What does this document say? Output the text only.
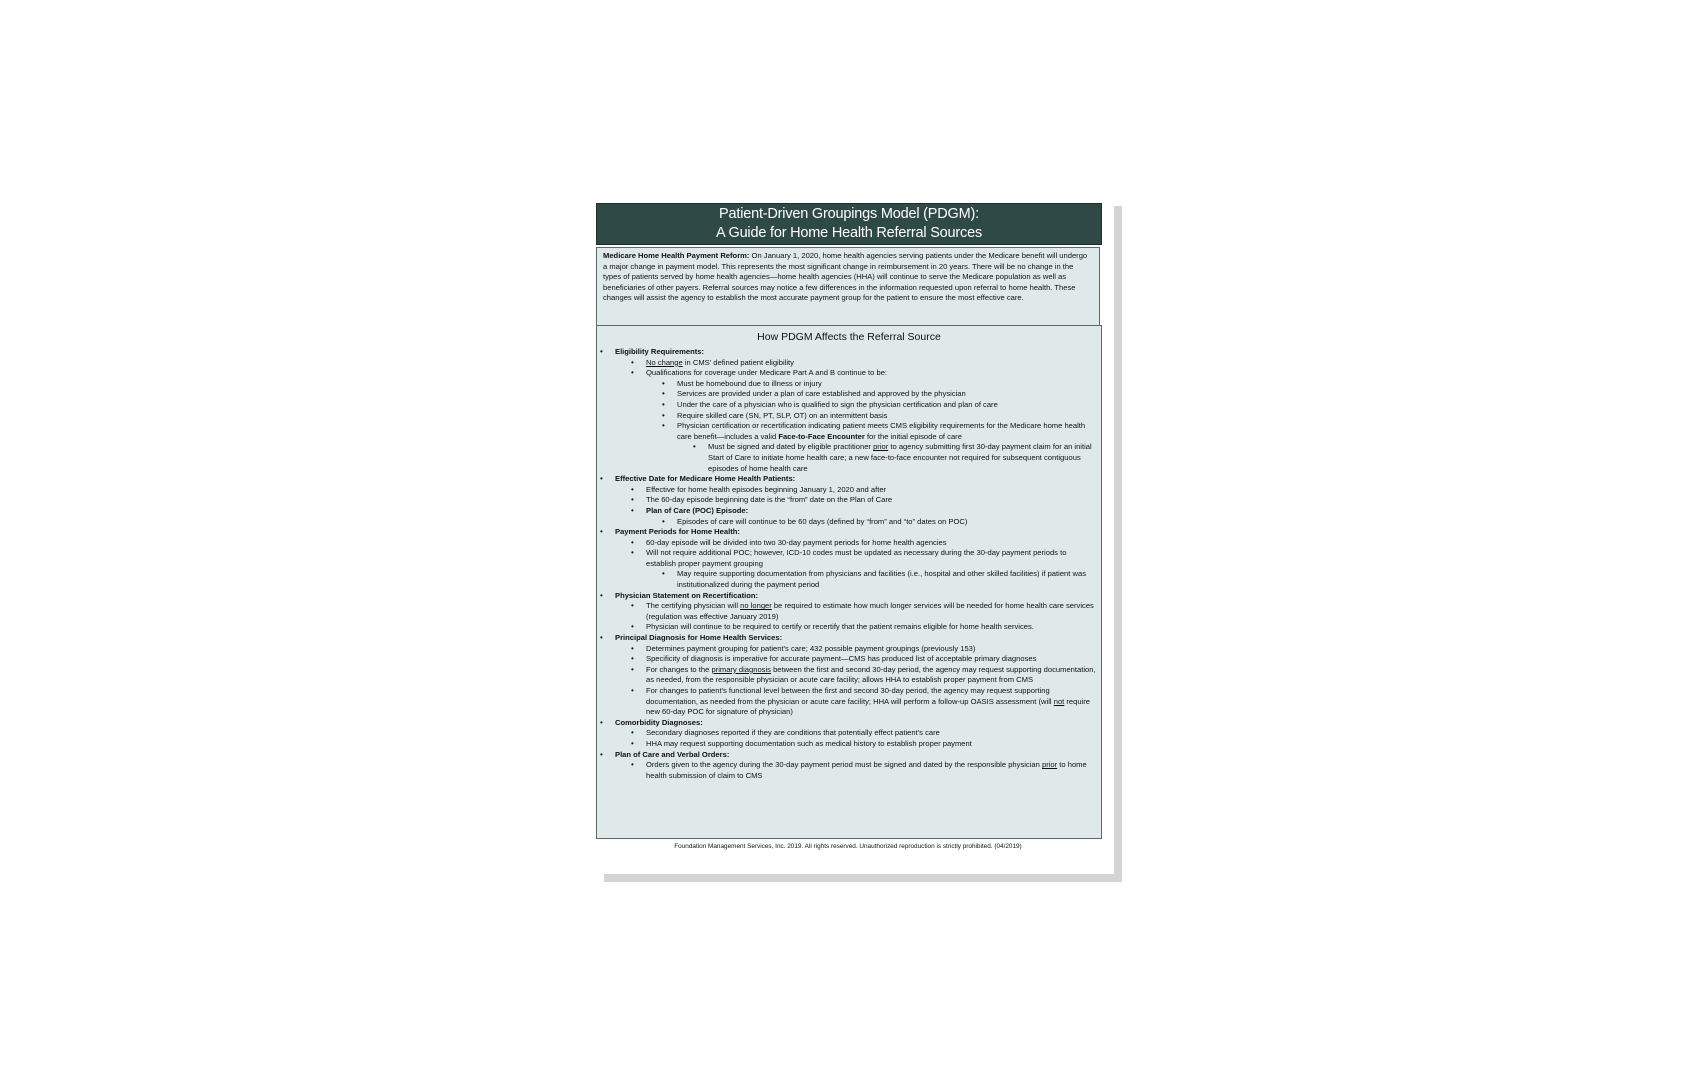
Patient-Driven Groupings Model (PDGM):
A Guide for Home Health Referral Sources
Medicare Home Health Payment Reform: On January 1, 2020, home health agencies serving patients under the Medicare benefit will undergo a major change in payment model. This represents the most significant change in reimbursement in 20 years. There will be no change in the types of patients served by home health agencies—home health agencies (HHA) will continue to serve the Medicare population as well as beneficiaries of other payers. Referral sources may notice a few differences in the information requested upon referral to home health. These changes will assist the agency to establish the most accurate payment group for the patient to ensure the most effective care.
How PDGM Affects the Referral Source
• Eligibility Requirements:
• No change in CMS' defined patient eligibility
• Qualifications for coverage under Medicare Part A and B continue to be:
• Must be homebound due to illness or injury
• Services are provided under a plan of care established and approved by the physician
• Under the care of a physician who is qualified to sign the physician certification and plan of care
• Require skilled care (SN, PT, SLP, OT) on an intermittent basis
• Physician certification or recertification indicating patient meets CMS eligibility requirements for the Medicare home health care benefit—includes a valid Face-to-Face Encounter for the initial episode of care
• Must be signed and dated by eligible practitioner prior to agency submitting first 30-day payment claim for an initial Start of Care to initiate home health care; a new face-to-face encounter not required for subsequent contiguous episodes of home health care
• Effective Date for Medicare Home Health Patients:
• Effective for home health episodes beginning January 1, 2020 and after
• The 60-day episode beginning date is the “from” date on the Plan of Care
• Plan of Care (POC) Episode:
• Episodes of care will continue to be 60 days (defined by “from” and “to” dates on POC)
• Payment Periods for Home Health:
• 60-day episode will be divided into two 30-day payment periods for home health agencies
• Will not require additional POC; however, ICD-10 codes must be updated as necessary during the 30-day payment periods to establish proper payment grouping
• May require supporting documentation from physicians and facilities (i.e., hospital and other skilled facilities) if patient was institutionalized during the payment period
• Physician Statement on Recertification:
• The certifying physician will no longer be required to estimate how much longer services will be needed for home health care services (regulation was effective January 2019)
• Physician will continue to be required to certify or recertify that the patient remains eligible for home health services.
• Principal Diagnosis for Home Health Services:
• Determines payment grouping for patient's care; 432 possible payment groupings (previously 153)
• Specificity of diagnosis is imperative for accurate payment—CMS has produced list of acceptable primary diagnoses
• For changes to the primary diagnosis between the first and second 30-day period, the agency may request supporting documentation, as needed, from the responsible physician or acute care facility; allows HHA to establish proper payment from CMS
• For changes to patient's functional level between the first and second 30-day period, the agency may request supporting documentation, as needed from the physician or acute care facility; HHA will perform a follow-up OASIS assessment (will not require new 60-day POC for signature of physician)
• Comorbidity Diagnoses:
• Secondary diagnoses reported if they are conditions that potentially effect patient's care
• HHA may request supporting documentation such as medical history to establish proper payment
• Plan of Care and Verbal Orders:
• Orders given to the agency during the 30-day payment period must be signed and dated by the responsible physician prior to home health submission of claim to CMS
Foundation Management Services, Inc. 2019. All rights reserved. Unauthorized reproduction is strictly prohibited. (04/2019)
